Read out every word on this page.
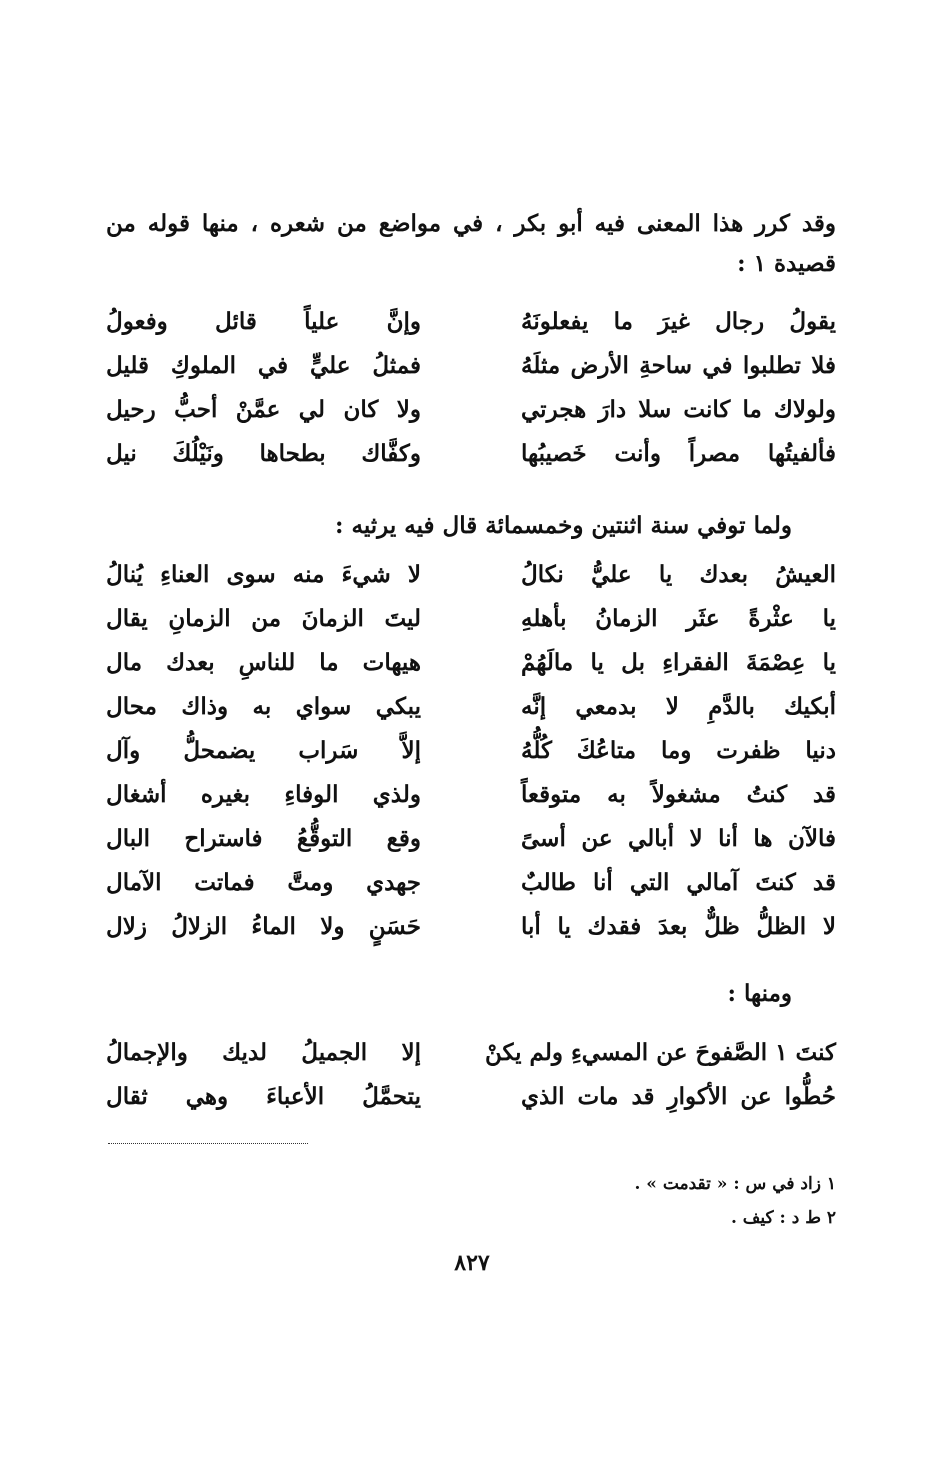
وقد كرر هذا المعنى فيه أبو بكر ، في مواضع من شعره ، منها قوله من قصيدة ١ :

يقولُ رجال غيرَ ما يفعلونَهُ
وإنَّ علياً قائل وفعولُ
فلا تطلبوا في ساحةِ الأرض مثلَهُ
فمثلُ عليٍّ في الملوكِ قليل
ولولاك ما كانت سلا دارَ هجرتي
ولا كان لي عمَّنْ أحبُّ رحيل
فألفيتُها مصراً وأنت خَصيبُها
وكفَّاك بطحاها ونَيْلُكَ نيل

ولما توفي سنة اثنتين وخمسمائة قال فيه يرثيه :

العيشُ بعدك يا عليُّ نكالُ
لا شيءَ منه سوى العناءِ يُنالُ
يا عثْرةً عثَر الزمانُ بأهلهِ
ليتَ الزمانَ من الزمانِ يقال
يا عِصْمَةَ الفقراءِ بل يا مالَهُمْ
هيهات ما للناسِ بعدك مال
أبكيك بالدَّمِ لا بدمعي إنَّه
يبكي سواي به وذاك محال
دنيا ظفرت وما متاعُكَ كُلُّهُ
إلاَّ سَراب يضمحلُّ وآل
قد كنتُ مشغولاً به متوقعاً
ولذي الوفاءِ بغيره أشغال
فالآن ها أنا لا أبالي عن أسىً
وقع التوقُّعُ فاستراح البال
قد كنتَ آمالي التي أنا طالبٌ
جهدي ومتَّ فماتت الآمال
لا الظلُّ ظلٌّ بعدَ فقدك يا أبا
حَسَنٍ ولا الماءُ الزلالُ زلال

ومنها :

كنتَ ١ الصَّفوحَ عن المسيءِ ولم يكنْ
إلا الجميلُ لديك والإجمالُ
حُطُّوا عن الأكوارِ قد مات الذي
يتحمَّلُ الأعباءَ وهي ثقال
١ زاد في س : « تقدمت » .
٢ ط د : كيف .
٨٢٧
